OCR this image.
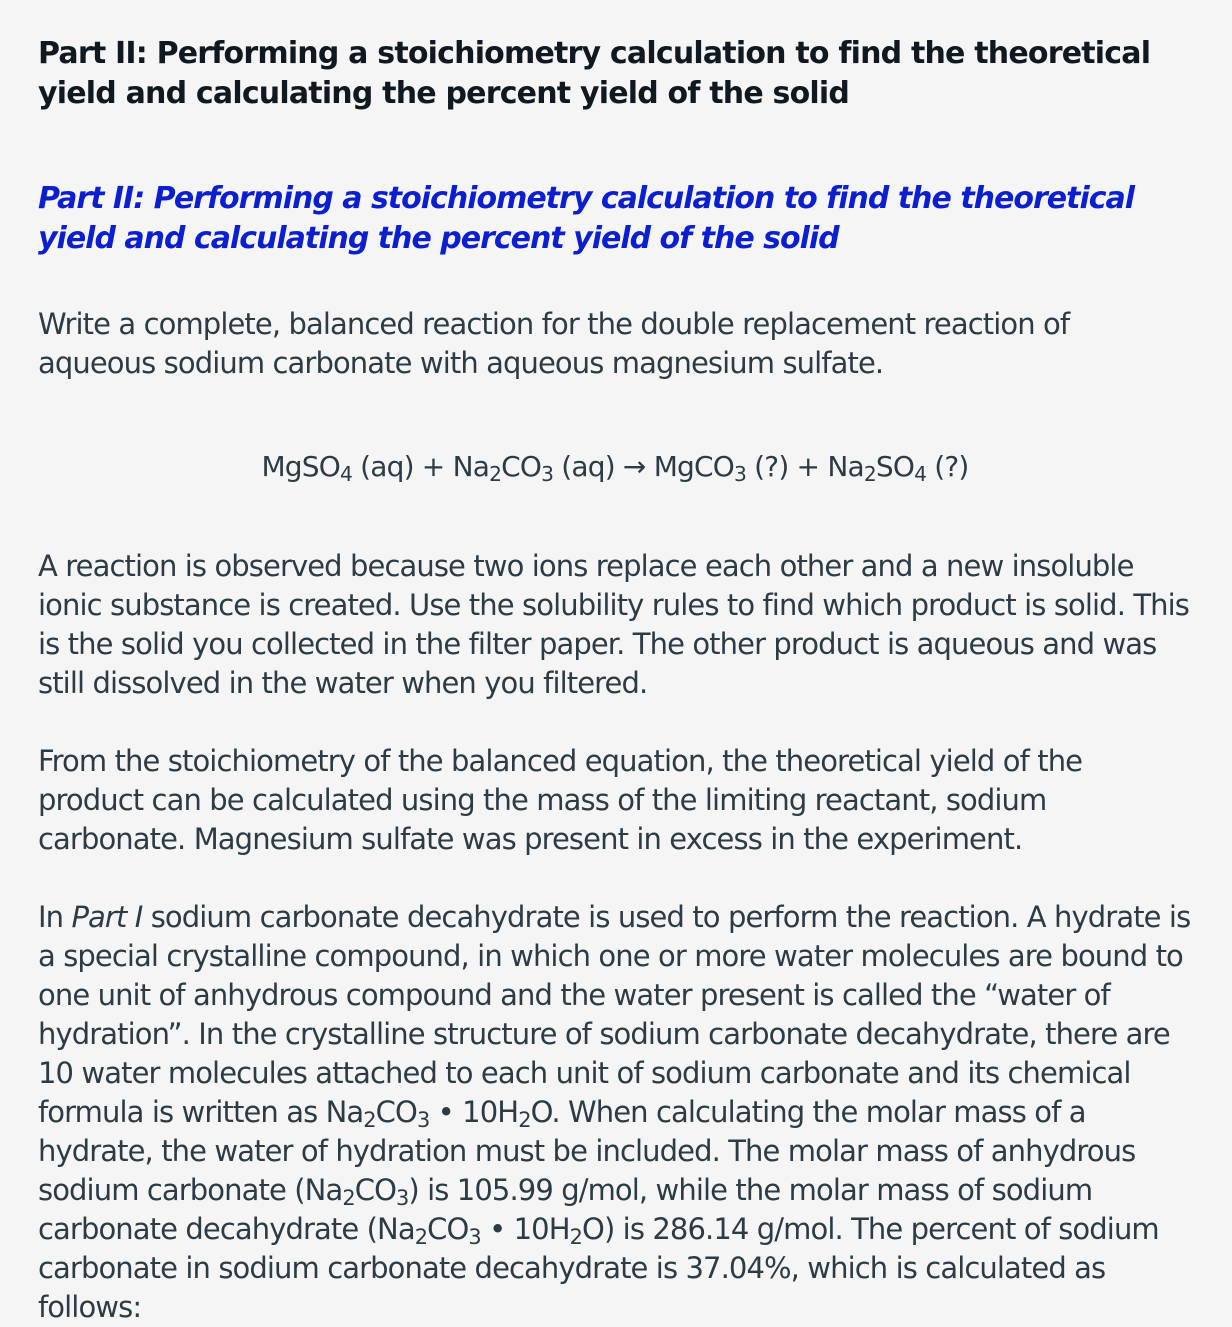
Part II: Performing a stoichiometry calculation to find the theoretical yield and calculating the percent yield of the solid
Part II: Performing a stoichiometry calculation to find the theoretical yield and calculating the percent yield of the solid

Write a complete, balanced reaction for the double replacement reaction of aqueous sodium carbonate with aqueous magnesium sulfate.

MgSO$_4$ $(aq) + Na_2CO_3$ (aq) → MgCO$_3$ (?) + $Na_2SO_4$ (?)

A reaction is observed because two ions replace each other and a new insoluble ionic substance is created. Use the solubility rules to find which product is solid. This is the solid you collected in the filter paper. The other product is aqueous and was still dissolved in the water when you filtered.

From the stoichiometry of the balanced equation, the theoretical yield of the product can be calculated using the mass of the limiting reactant, sodium carbonate. Magnesium sulfate was present in excess in the experiment.

In Part I sodium carbonate decahydrate is used to perform the reaction. A hydrate is a special crystalline compound, in which one or more water molecules are bound to one unit of anhydrous compound and the water present is called the “water of hydration”. In the crystalline structure of sodium carbonate decahydrate, there are 10 water molecules attached to each unit of sodium carbonate and its chemical formula is written as $Na_2CO_3$ • $10H_2O$. When calculating the molar mass of a hydrate, the water of hydration must be included. The molar mass of anhydrous sodium carbonate $(Na_2CO_3)$ is 105.99 g/mol, while the molar mass of sodium carbonate decahydrate ($Na_2CO_3$ • $10H_2O$) is 286.14 g/mol. The percent of sodium carbonate in sodium carbonate decahydrate is 37.04%, which is calculated as follows:
